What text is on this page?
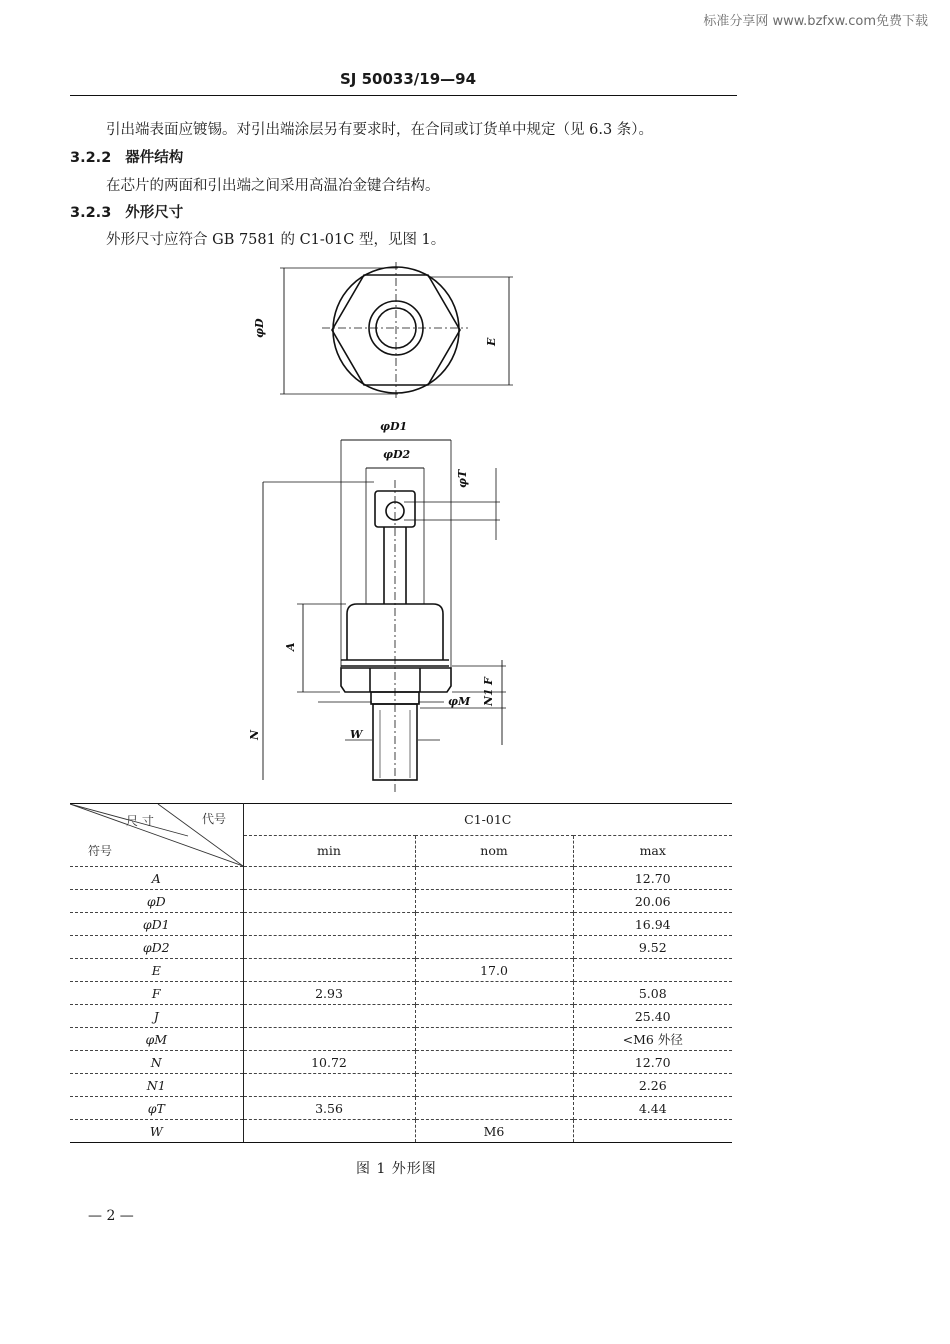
标准分享网 www.bzfxw.com免费下载
SJ 50033/19—94
引出端表面应镀锡。对引出端涂层另有要求时，在合同或订货单中规定（见 6.3 条）。
3.2.2 器件结构
在芯片的两面和引出端之间采用高温冶金键合结构。
3.2.3 外形尺寸
外形尺寸应符合 GB 7581 的 C1-01C 型，见图 1。
φD
E
φD1
φD2
φT
A
F
N1
N
φM
W
尺 寸 代号
符号	C1-01C		
	min	nom	max
A			12.70
φD			20.06
φD1			16.94
φD2			9.52
E		17.0	
F	2.93		5.08
J			25.40
φM			<M6 外径
N	10.72		12.70
N1			2.26
φT	3.56		4.44
W		M6	
图 1 外形图
— 2 —
